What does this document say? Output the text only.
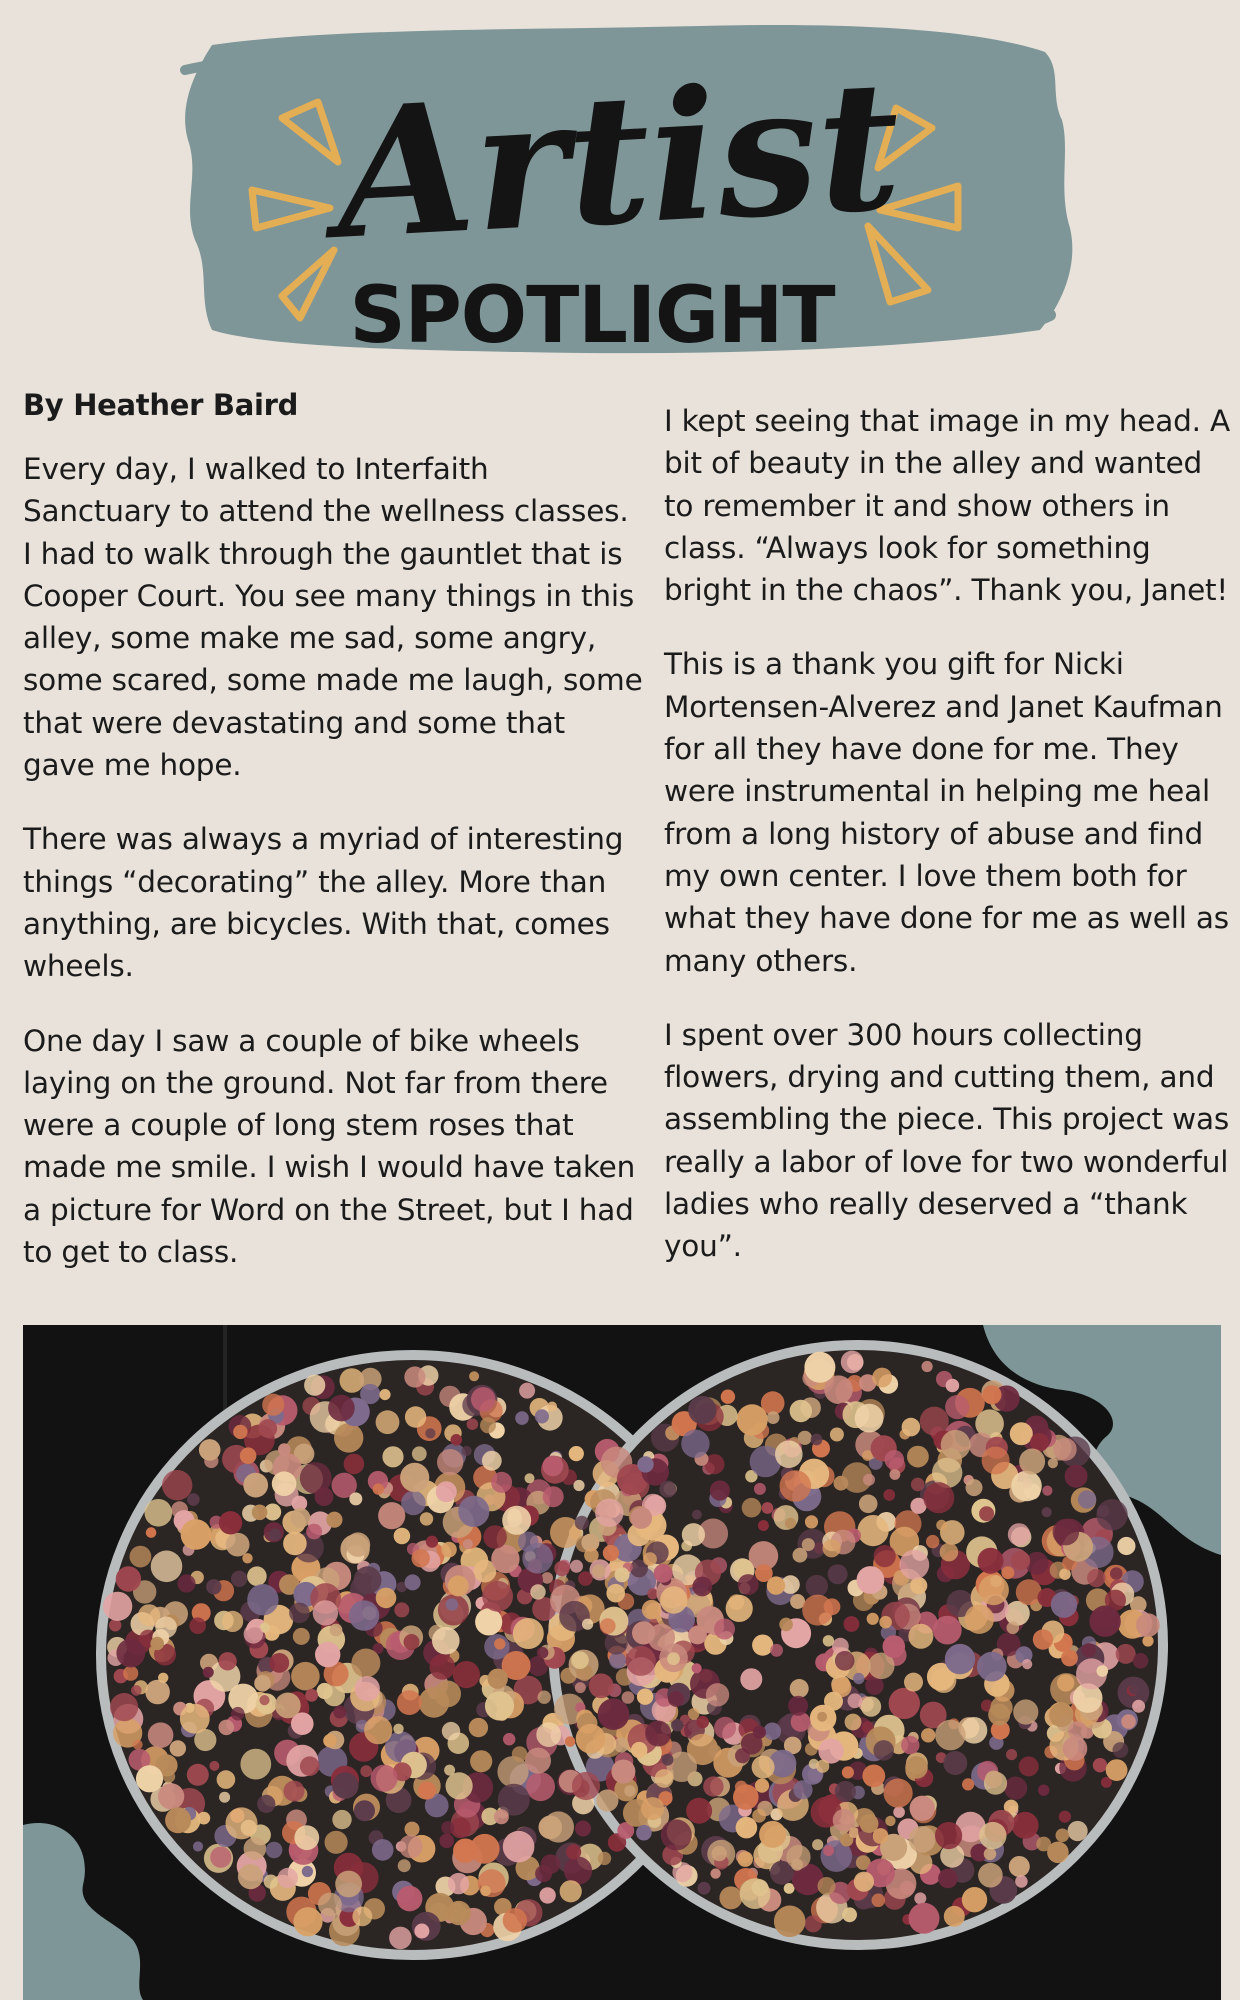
Artist
SPOTLIGHT
By Heather Baird

Every day, I walked to Interfaith Sanctuary to attend the wellness classes. I had to walk through the gauntlet that is Cooper Court. You see many things in this alley, some make me sad, some angry, some scared, some made me laugh, some that were devastating and some that gave me hope.

There was always a myriad of interesting things “decorating” the alley. More than anything, are bicycles. With that, comes wheels.

One day I saw a couple of bike wheels laying on the ground. Not far from there were a couple of long stem roses that made me smile. I wish I would have taken a picture for Word on the Street, but I had to get to class.

I kept seeing that image in my head. A bit of beauty in the alley and wanted to remember it and show others in class. “Always look for something bright in the chaos”. Thank you, Janet!

This is a thank you gift for Nicki Mortensen-Alverez and Janet Kaufman for all they have done for me. They were instrumental in helping me heal from a long history of abuse and find my own center. I love them both for what they have done for me as well as many others.

I spent over 300 hours collecting flowers, drying and cutting them, and assembling the piece. This project was really a labor of love for two wonderful ladies who really deserved a “thank you”.
